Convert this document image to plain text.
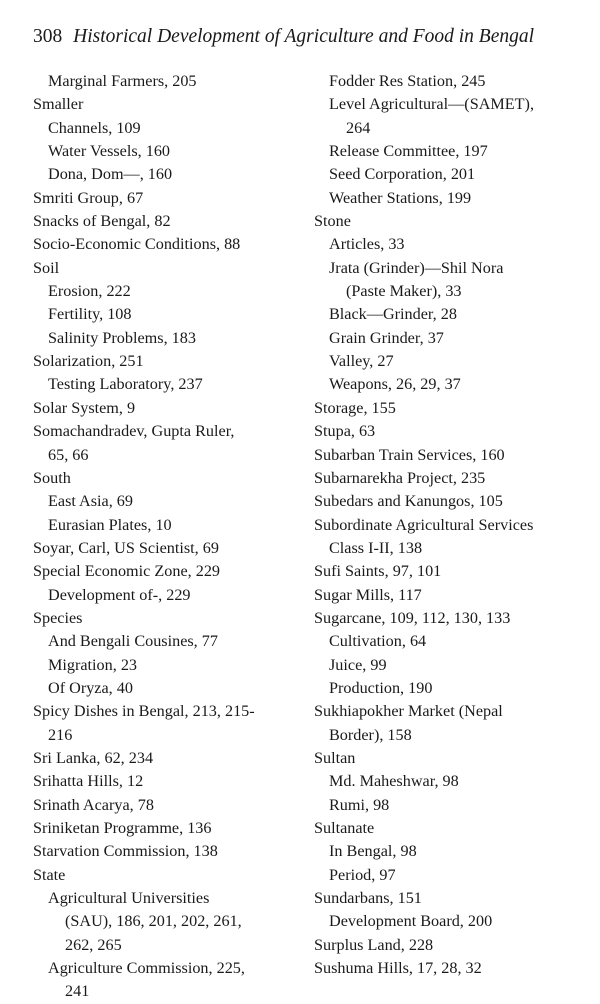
308 Historical Development of Agriculture and Food in Bengal
Marginal Farmers, 205
Smaller
Channels, 109
Water Vessels, 160
Dona, Dom—, 160
Smriti Group, 67
Snacks of Bengal, 82
Socio-Economic Conditions, 88
Soil
Erosion, 222
Fertility, 108
Salinity Problems, 183
Solarization, 251
Testing Laboratory, 237
Solar System, 9
Somachandradev, Gupta Ruler,
65, 66
South
East Asia, 69
Eurasian Plates, 10
Soyar, Carl, US Scientist, 69
Special Economic Zone, 229
Development of-, 229
Species
And Bengali Cousines, 77
Migration, 23
Of Oryza, 40
Spicy Dishes in Bengal, 213, 215-
216
Sri Lanka, 62, 234
Srihatta Hills, 12
Srinath Acarya, 78
Sriniketan Programme, 136
Starvation Commission, 138
State
Agricultural Universities
(SAU), 186, 201, 202, 261,
262, 265
Agriculture Commission, 225,
241
Fodder Res Station, 245
Level Agricultural—(SAMET),
264
Release Committee, 197
Seed Corporation, 201
Weather Stations, 199
Stone
Articles, 33
Jrata (Grinder)—Shil Nora
(Paste Maker), 33
Black—Grinder, 28
Grain Grinder, 37
Valley, 27
Weapons, 26, 29, 37
Storage, 155
Stupa, 63
Subarban Train Services, 160
Subarnarekha Project, 235
Subedars and Kanungos, 105
Subordinate Agricultural Services
Class I-II, 138
Sufi Saints, 97, 101
Sugar Mills, 117
Sugarcane, 109, 112, 130, 133
Cultivation, 64
Juice, 99
Production, 190
Sukhiapokher Market (Nepal
Border), 158
Sultan
Md. Maheshwar, 98
Rumi, 98
Sultanate
In Bengal, 98
Period, 97
Sundarbans, 151
Development Board, 200
Surplus Land, 228
Sushuma Hills, 17, 28, 32
